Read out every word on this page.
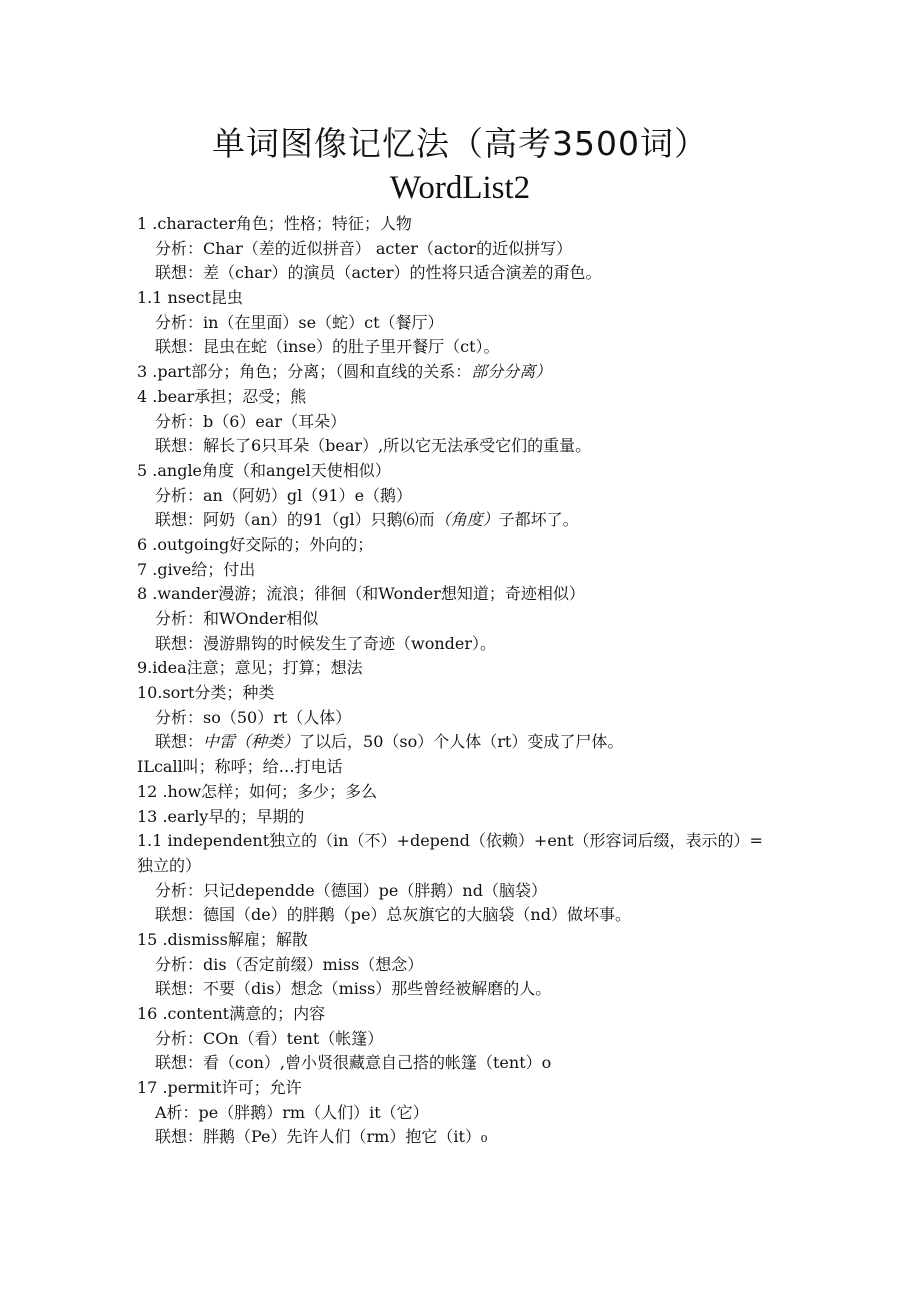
单词图像记忆法（高考3500词）
WordList2
1 .character角色；性格；特征；人物
分析：Char（差的近似拼音） acter（actor的近似拼写）
联想：差（char）的演员（acter）的性将只适合演差的甭色。
1.1 nsect昆虫
分析：in（在里面）se（蛇）ct（餐厅）
联想：昆虫在蛇（inse）的肚子里开餐厅（ct）。
3 .part部分；角色；分离；（圆和直线的关系：部分分离）
4 .bear承担；忍受；熊
分析：b（6）ear（耳朵）
联想：解长了6只耳朵（bear）,所以它无法承受它们的重量。
5 .angle角度（和angel天使相似）
分析：an（阿奶）gl（91）e（鹅）
联想：阿奶（an）的91（gl）只鹅⑹而（角度）子都坏了。
6 .outgoing好交际的；外向的；
7 .give给；付出
8 .wander漫游；流浪；徘徊（和Wonder想知道；奇迹相似）
分析：和WOnder相似
联想：漫游鼎钩的时候发生了奇迹（wonder）。
9.idea注意；意见；打算；想法
10.sort分类；种类
分析：so（50）rt（人体）
联想：中雷（种类）了以后，50（so）个人体（rt）变成了尸体。
ILcall叫；称呼；给…打电话
12 .how怎样；如何；多少；多么
13 .early早的；早期的
1.1 independent独立的（in（不）+depend（依赖）+ent（形容词后缀，表示的）=
独立的）
分析：只记dependde（德国）pe（胖鹅）nd（脑袋）
联想：德国（de）的胖鹅（pe）总灰旗它的大脑袋（nd）做坏事。
15 .dismiss解雇；解散
分析：dis（否定前缀）miss（想念）
联想：不要（dis）想念（miss）那些曾经被解磨的人。
16 .content满意的；内容
分析：COn（看）tent（帐篷）
联想：看（con）,曾小贤很藏意自己搭的帐篷（tent）o
17 .permit许可；允许
A析：pe（胖鹅）rm（人们）it（它）
联想：胖鹅（Pe）先许人们（rm）抱它（it）₀
